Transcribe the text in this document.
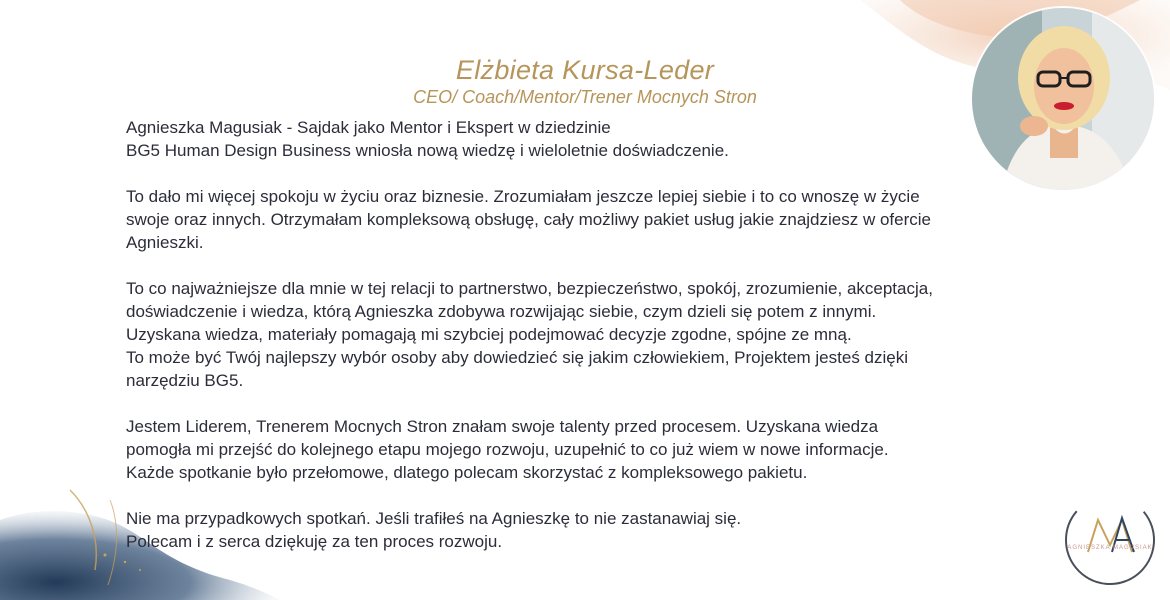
Elżbieta Kursa-Leder
CEO/ Coach/Mentor/Trener Mocnych Stron

Agnieszka Magusiak - Sajdak jako Mentor i Ekspert w dziedzinie
BG5 Human Design Business wniosła nową wiedzę i wieloletnie doświadczenie.

To dało mi więcej spokoju w życiu oraz biznesie. Zrozumiałam jeszcze lepiej siebie i to co wnoszę w życie
swoje oraz innych. Otrzymałam kompleksową obsługę, cały możliwy pakiet usług jakie znajdziesz w ofercie
Agnieszki.

To co najważniejsze dla mnie w tej relacji to partnerstwo, bezpieczeństwo, spokój, zrozumienie, akceptacja,
doświadczenie i wiedza, którą Agnieszka zdobywa rozwijając siebie, czym dzieli się potem z innymi.
Uzyskana wiedza, materiały pomagają mi szybciej podejmować decyzje zgodne, spójne ze mną.
To może być Twój najlepszy wybór osoby aby dowiedzieć się jakim człowiekiem, Projektem jesteś dzięki
narzędziu BG5.

Jestem Liderem, Trenerem Mocnych Stron znałam swoje talenty przed procesem. Uzyskana wiedza
pomogła mi przejść do kolejnego etapu mojego rozwoju, uzupełnić to co już wiem w nowe informacje.
Każde spotkanie było przełomowe, dlatego polecam skorzystać z kompleksowego pakietu.

Nie ma przypadkowych spotkań. Jeśli trafiłeś na Agnieszkę to nie zastanawiaj się.
Polecam i z serca dziękuję za ten proces rozwoju.	AGNIESZKA MAGUSIAK
